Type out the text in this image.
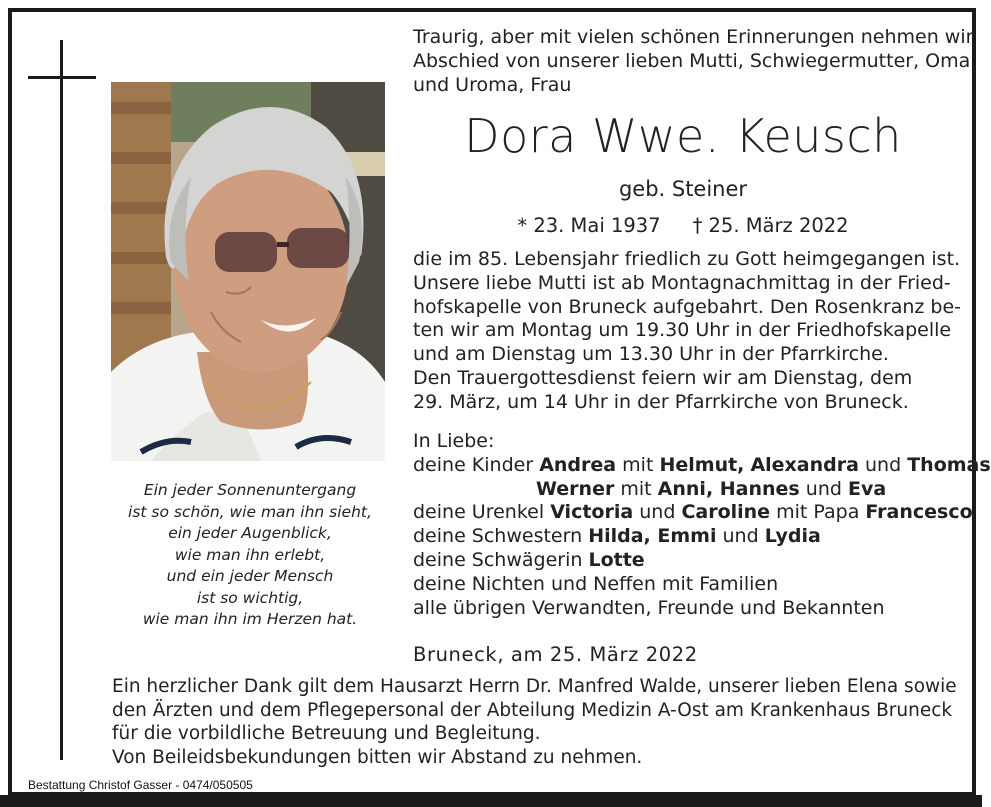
Ein jeder Sonnenuntergang
ist so schön, wie man ihn sieht,
ein jeder Augenblick,
wie man ihn erlebt,
und ein jeder Mensch
ist so wichtig,
wie man ihn im Herzen hat.
Traurig, aber mit vielen schönen Erinnerungen nehmen wir
Abschied von unserer lieben Mutti, Schwiegermutter, Oma
und Uroma, Frau
Dora Wwe. Keusch
geb. Steiner
* 23. Mai 1937 † 25. März 2022
die im 85. Lebensjahr friedlich zu Gott heimgegangen ist.
Unsere liebe Mutti ist ab Montagnachmittag in der Fried-
hofskapelle von Bruneck aufgebahrt. Den Rosenkranz be-
ten wir am Montag um 19.30 Uhr in der Friedhofskapelle
und am Dienstag um 13.30 Uhr in der Pfarrkirche.
Den Trauergottesdienst feiern wir am Dienstag, dem
29. März, um 14 Uhr in der Pfarrkirche von Bruneck.
In Liebe:
deine Kinder Andrea mit Helmut, Alexandra und Thomas
Werner mit Anni, Hannes und Eva
deine Urenkel Victoria und Caroline mit Papa Francesco
deine Schwestern Hilda, Emmi und Lydia
deine Schwägerin Lotte
deine Nichten und Neffen mit Familien
alle übrigen Verwandten, Freunde und Bekannten
Bruneck, am 25. März 2022
Ein herzlicher Dank gilt dem Hausarzt Herrn Dr. Manfred Walde, unserer lieben Elena sowie
den Ärzten und dem Pflegepersonal der Abteilung Medizin A-Ost am Krankenhaus Bruneck
für die vorbildliche Betreuung und Begleitung.
Von Beileidsbekundungen bitten wir Abstand zu nehmen.
Bestattung Christof Gasser - 0474/050505
